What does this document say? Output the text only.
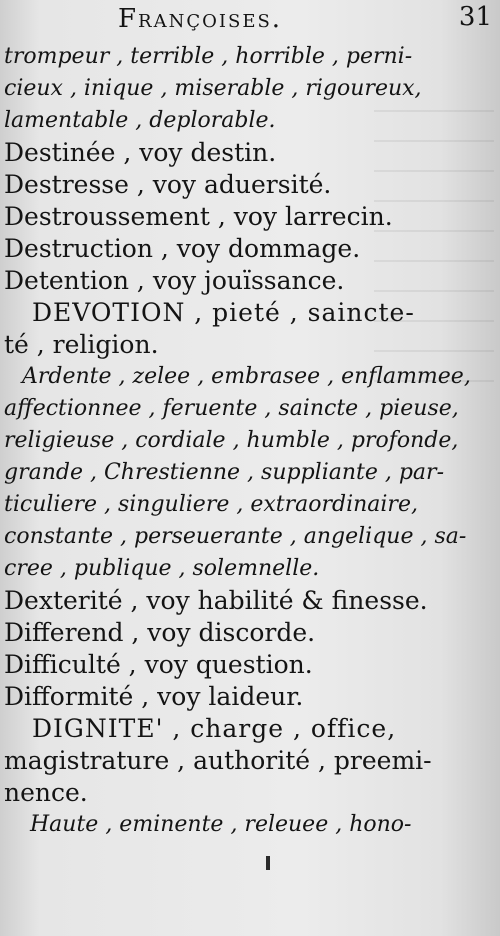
Françoises.	31
trompeur , terrible , horrible , perni-
cieux , inique , miserable , rigoureux,
lamentable , deplorable.
Destinée , voy destin.
Destresse , voy aduersité.
Destroussement , voy larrecin.
Destruction , voy dommage.
Detention , voy jouïssance.
DEVOTION , pieté , saincte-
té , religion.
Ardente , zelee , embrasee , enflammee,
affectionnee , feruente , saincte , pieuse,
religieuse , cordiale , humble , profonde,
grande , Chrestienne , suppliante , par-
ticuliere , singuliere , extraordinaire,
constante , perseuerante , angelique , sa-
cree , publique , solemnelle.
Dexterité , voy habilité & finesse.
Differend , voy discorde.
Difficulté , voy question.
Difformité , voy laideur.
DIGNITE' , charge , office,
magistrature , authorité , preemi-
nence.
Haute , eminente , releuee , hono-
